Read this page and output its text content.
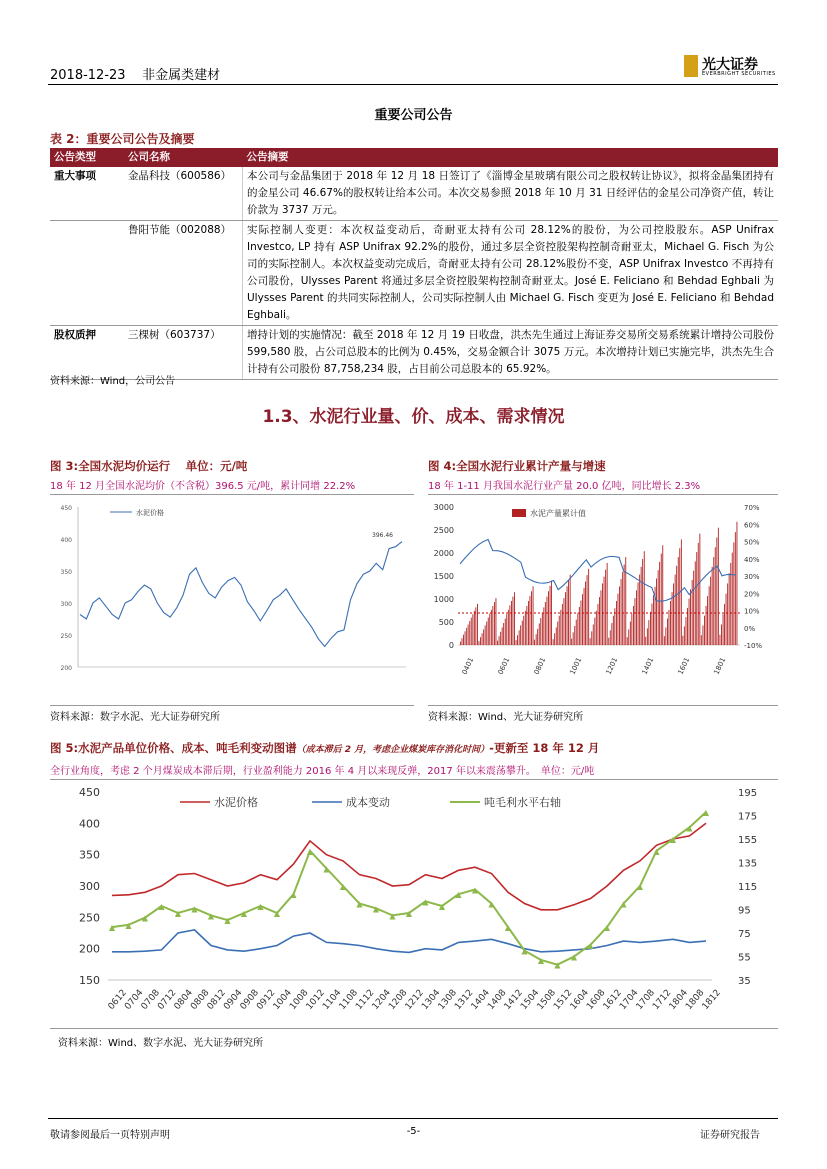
2018-12-23 非金属类建材
光大证券
EVERBRIGHT SECURITIES
重要公司公告
表 2：重要公司公告及摘要
公告类型	公司名称	公告摘要
重大事项	金晶科技（600586）	本公司与金晶集团于 2018 年 12 月 18 日签订了《淄博金星玻璃有限公司之股权转让协议》，拟将金晶集团持有的金星公司 46.67%的股权转让给本公司。本次交易参照 2018 年 10 月 31 日经评估的金星公司净资产值，转让价款为 3737 万元。
	鲁阳节能（002088）	实际控制人变更：本次权益变动后，奇耐亚太持有公司 28.12%的股份，为公司控股股东。ASP Unifrax Investco, LP 持有 ASP Unifrax 92.2%的股份，通过多层全资控股架构控制奇耐亚太，Michael G. Fisch 为公司的实际控制人。本次权益变动完成后，奇耐亚太持有公司 28.12%股份不变，ASP Unifrax Investco 不再持有公司股份，Ulysses Parent 将通过多层全资控股架构控制奇耐亚太。José E. Feliciano 和 Behdad Eghbali 为 Ulysses Parent 的共同实际控制人，公司实际控制人由 Michael G. Fisch 变更为 José E. Feliciano 和 Behdad Eghbali。
股权质押	三棵树（603737）	增持计划的实施情况：截至 2018 年 12 月 19 日收盘，洪杰先生通过上海证券交易所交易系统累计增持公司股份 599,580 股，占公司总股本的比例为 0.45%，交易金额合计 3075 万元。本次增持计划已实施完毕，洪杰先生合计持有公司股份 87,758,234 股，占目前公司总股本的 65.92%。
资料来源：Wind，公司公告
1.3、水泥行业量、价、成本、需求情况
图 3:全国水泥均价运行　 单位：元/吨
18 年 12 月全国水泥均价（不含税）396.5 元/吨，累计同增 22.2%
200
250
300
350
400
450
水泥价格
396.46
资料来源：数字水泥、光大证券研究所
图 4:全国水泥行业累计产量与增速
18 年 1-11 月我国水泥行业产量 20.0 亿吨，同比增长 2.3%
0
500
1000
1500
2000
2500
3000
-10%
0%
10%
20%
30%
40%
50%
60%
70%
水泥产量累计值
0401	0601	0801	1001	1201	1401	1601	1801
资料来源：Wind、光大证券研究所
图 5:水泥产品单位价格、成本、吨毛利变动图谱（成本滞后 2 月，考虑企业煤炭库存消化时间）-更新至 18 年 12 月
全行业角度，考虑 2 个月煤炭成本滞后期，行业盈利能力 2016 年 4 月以来现反弹，2017 年以来震荡攀升。　单位：元/吨
150
200
250
300
350
400
450
35
55
75
95
115
135
155
175
195
▲ ▲
▲
▲
▲
▲
▲
▲
▲
▲
▲
▲
▲
▲
▲
▲
▲
▲ ▲
▲
▲
▲
▲
▲
▲
▲
▲
▲
▲
▲
▲
▲
▲
▲
▲
▲
▲
水泥价格	成本变动	吨毛利水平右轴
0612
0704
0708
0712
0804
0808
0812
0904
0908
0912
1004
1008
1012
1104
1108
1112
1204
1208
1212
1304
1308
1312
1404
1408
1412
1504
1508
1512
1604
1608
1612
1704
1708
1712
1804
1808
1812
资料来源：Wind、数字水泥、光大证券研究所
敬请参阅最后一页特别声明	-5-	证券研究报告
